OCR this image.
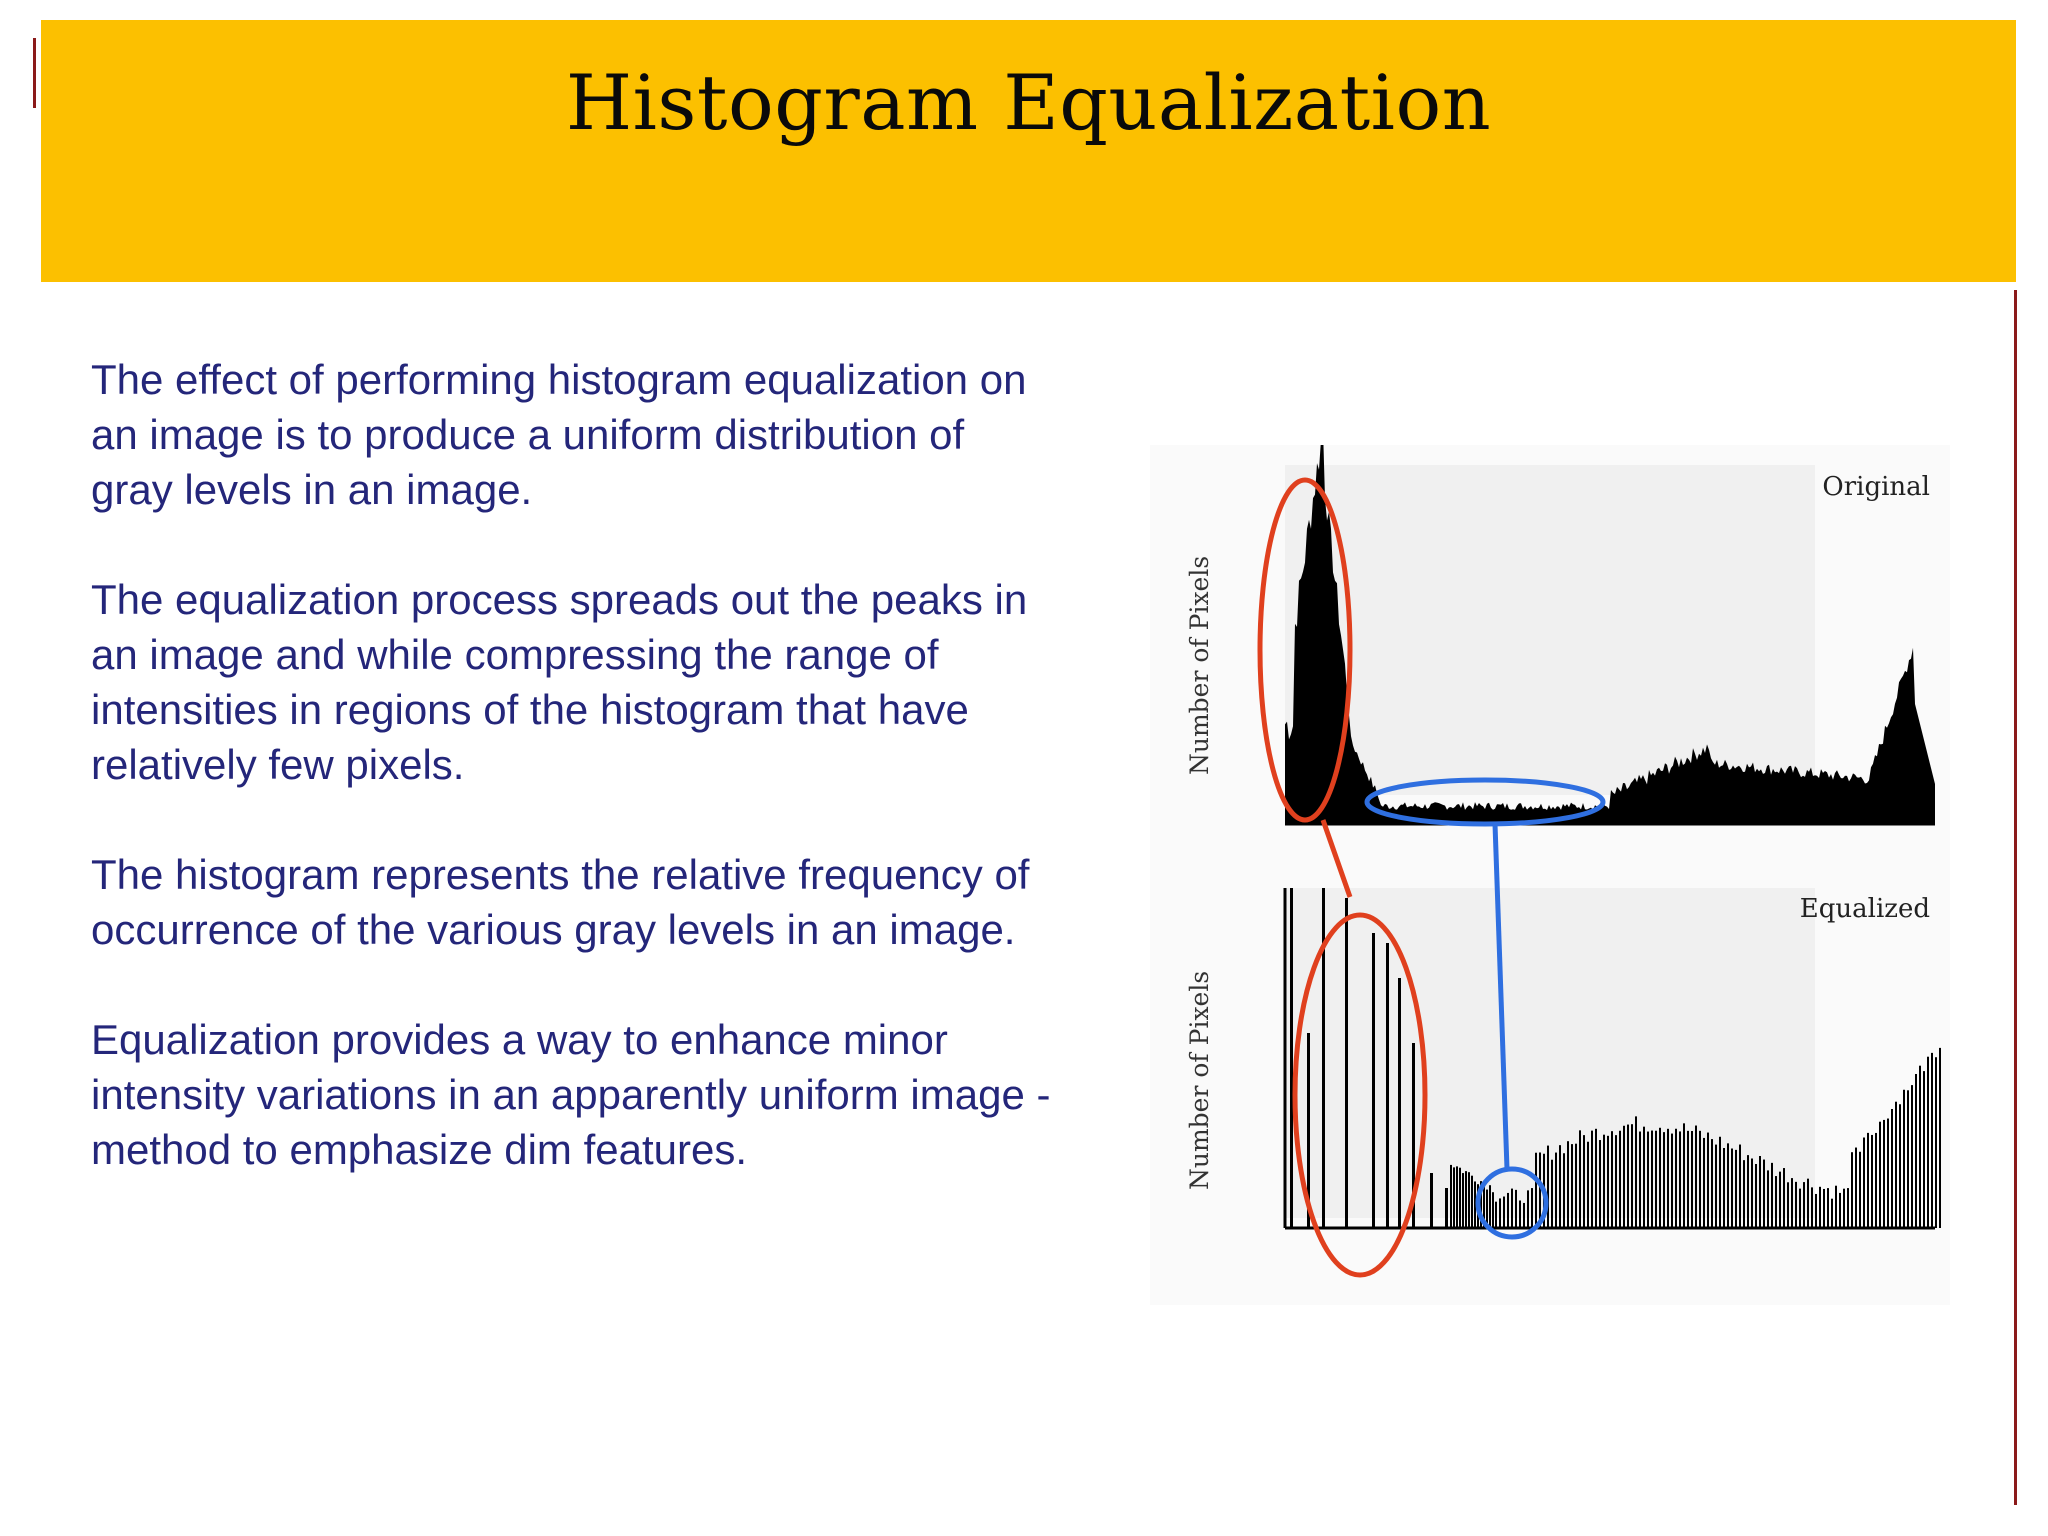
Histogram Equalization

The effect of performing histogram equalization on an image is to produce a uniform distribution of gray levels in an image.

The equalization process spreads out the peaks in an image and while compressing the range of intensities in regions of the histogram that have relatively few pixels.

The histogram represents the relative frequency of occurrence of the various gray levels in an image.

Equalization provides a way to enhance minor intensity variations in an apparently uniform image - method to emphasize dim features.

Number of Pixels
Number of Pixels
Original
Equalized
